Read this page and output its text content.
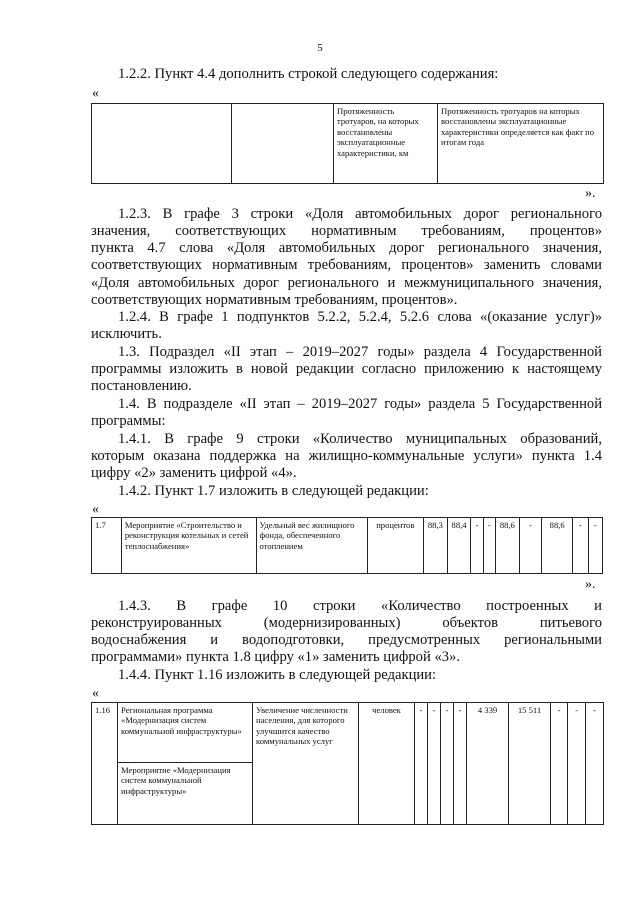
5
1.2.2. Пункт 4.4 дополнить строкой следующего содержания:
«
		Протяженность тротуаров, на которых восстановлены эксплуатационные характеристики, км	Протяженность тротуаров на которых восстановлены эксплуатационные характеристики определяется как факт по итогам года
».
1.2.3. В графе 3 строки «Доля автомобильных дорог регионального
значения, соответствующих нормативным требованиям, процентов»
пункта 4.7 слова «Доля автомобильных дорог регионального значения, соответствующих нормативным требованиям, процентов» заменить словами «Доля автомобильных дорог регионального и межмуниципального значения, соответствующих нормативным требованиям, процентов».
1.2.4. В графе 1 подпунктов 5.2.2, 5.2.4, 5.2.6 слова «(оказание услуг)»
исключить.
1.3. Подраздел «II этап – 2019–2027 годы» раздела 4 Государственной
программы изложить в новой редакции согласно приложению к настоящему постановлению.
1.4. В подразделе «II этап – 2019–2027 годы» раздела 5 Государственной
программы:
1.4.1. В графе 9 строки «Количество муниципальных образований,
которым оказана поддержка на жилищно-коммунальные услуги» пункта 1.4
цифру «2» заменить цифрой «4».
1.4.2. Пункт 1.7 изложить в следующей редакции:
«
1.7	Мероприятие «Строительство и реконструкция котельных и сетей теплоснабжения»	Удельный вес жилищного фонда, обеспеченного отоплением	процентов	88,3	88,4	-	-	88,6	-	88,6	-	-
».
1.4.3. В графе 10 строки «Количество построенных и
реконструированных (модернизированных) объектов питьевого
водоснабжения и водоподготовки, предусмотренных региональными
программами» пункта 1.8 цифру «1» заменить цифрой «3».
1.4.4. Пункт 1.16 изложить в следующей редакции:
«
1.16	Региональная программа «Модернизация систем коммунальной инфраструктуры»	Увеличение численности населения, для которого улучшится качество коммунальных услуг	человек	-	-	-	-	4 339	15 511	-	-	-
Мероприятие «Модернизация систем коммунальной инфраструктуры»
